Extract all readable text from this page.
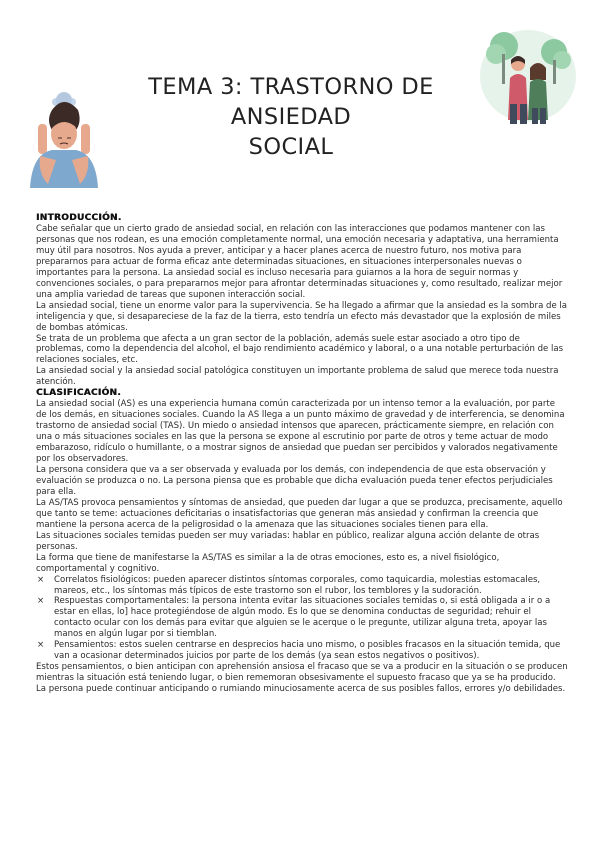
TEMA 3: TRASTORNO DE ANSIEDAD
SOCIAL
INTRODUCCIÓN.

Cabe señalar que un cierto grado de ansiedad social, en relación con las interacciones que podamos mantener con las personas que nos rodean, es una emoción completamente normal, una emoción necesaria y adaptativa, una herramienta muy útil para nosotros. Nos ayuda a prever, anticipar y a hacer planes acerca de nuestro futuro, nos motiva para prepararnos para actuar de forma eficaz ante determinadas situaciones, en situaciones interpersonales nuevas o importantes para la persona. La ansiedad social es incluso necesaria para guiarnos a la hora de seguir normas y convenciones sociales, o para prepararnos mejor para afrontar determinadas situaciones y, como resultado, realizar mejor una amplia variedad de tareas que suponen interacción social.

La ansiedad social, tiene un enorme valor para la supervivencia. Se ha llegado a afirmar que la ansiedad es la sombra de la inteligencia y que, si desapareciese de la faz de la tierra, esto tendría un efecto más devastador que la explosión de miles de bombas atómicas.

Se trata de un problema que afecta a un gran sector de la población, además suele estar asociado a otro tipo de problemas, como la dependencia del alcohol, el bajo rendimiento académico y laboral, o a una notable perturbación de las relaciones sociales, etc.

La ansiedad social y la ansiedad social patológica constituyen un importante problema de salud que merece toda nuestra atención.

CLASIFICACIÓN.

La ansiedad social (AS) es una experiencia humana común caracterizada por un intenso temor a la evaluación, por parte de los demás, en situaciones sociales. Cuando la AS llega a un punto máximo de gravedad y de interferencia, se denomina trastorno de ansiedad social (TAS). Un miedo o ansiedad intensos que aparecen, prácticamente siempre, en relación con una o más situaciones sociales en las que la persona se expone al escrutinio por parte de otros y teme actuar de modo embarazoso, ridículo o humillante, o a mostrar signos de ansiedad que puedan ser percibidos y valorados negativamente por los observadores.

La persona considera que va a ser observada y evaluada por los demás, con independencia de que esta observación y evaluación se produzca o no. La persona piensa que es probable que dicha evaluación pueda tener efectos perjudiciales para ella.

La AS/TAS provoca pensamientos y síntomas de ansiedad, que pueden dar lugar a que se produzca, precisamente, aquello que tanto se teme: actuaciones deficitarias o insatisfactorias que generan más ansiedad y confirman la creencia que mantiene la persona acerca de la peligrosidad o la amenaza que las situaciones sociales tienen para ella.

Las situaciones sociales temidas pueden ser muy variadas: hablar en público, realizar alguna acción delante de otras personas.

La forma que tiene de manifestarse la AS/TAS es similar a la de otras emociones, esto es, a nivel fisiológico, comportamental y cognitivo.

× Correlatos fisiológicos: pueden aparecer distintos síntomas corporales, como taquicardia, molestias estomacales, mareos, etc., los síntomas más típicos de este trastorno son el rubor, los temblores y la sudoración.
× Respuestas comportamentales: la persona intenta evitar las situaciones sociales temidas o, si está obligada a ir o a estar en ellas, lo] hace protegiéndose de algún modo. Es lo que se denomina conductas de seguridad; rehuir el contacto ocular con los demás para evitar que alguien se le acerque o le pregunte, utilizar alguna treta, apoyar las manos en algún lugar por si tiemblan.
× Pensamientos: estos suelen centrarse en desprecios hacia uno mismo, o posibles fracasos en la situación temida, que van a ocasionar determinados juicios por parte de los demás (ya sean estos negativos o positivos).

Estos pensamientos, o bien anticipan con aprehensión ansiosa el fracaso que se va a producir en la situación o se producen mientras la situación está teniendo lugar, o bien rememoran obsesivamente el supuesto fracaso que ya se ha producido. La persona puede continuar anticipando o rumiando minuciosamente acerca de sus posibles fallos, errores y/o debilidades.
